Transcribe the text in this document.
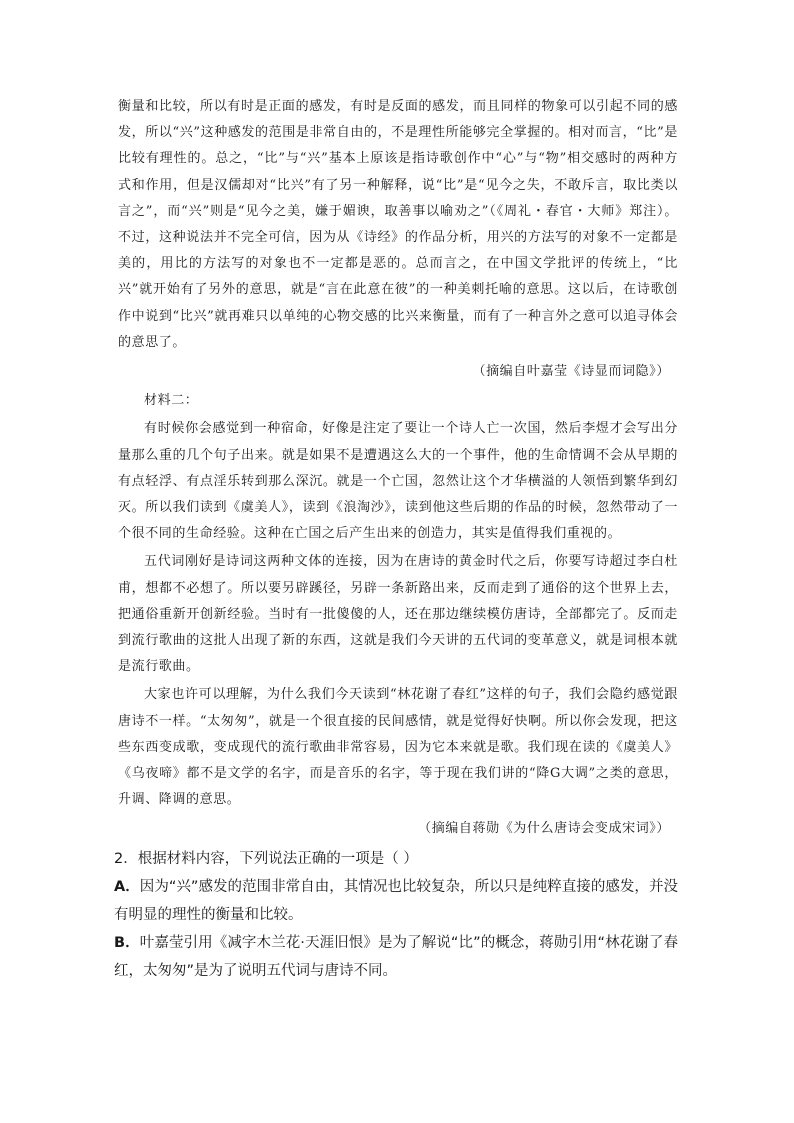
衡量和比较，所以有时是正面的感发，有时是反面的感发，而且同样的物象可以引起不同的感发，所以“兴”这种感发的范围是非常自由的，不是理性所能够完全掌握的。相对而言，“比”是比较有理性的。总之，“比”与“兴”基本上原该是指诗歌创作中“心”与“物”相交感时的两种方式和作用，但是汉儒却对“比兴”有了另一种解释，说“比”是“见今之失，不敢斥言，取比类以言之”，而“兴”则是“见今之美，嫌于媚谀，取善事以喻劝之”（《周礼・春官・大师》郑注）。不过，这种说法并不完全可信，因为从《诗经》的作品分析，用兴的方法写的对象不一定都是美的，用比的方法写的对象也不一定都是恶的。总而言之，在中国文学批评的传统上，“比兴”就开始有了另外的意思，就是“言在此意在彼”的一种美刺托喻的意思。这以后，在诗歌创作中说到“比兴”就再难只以单纯的心物交感的比兴来衡量，而有了一种言外之意可以追寻体会的意思了。

（摘编自叶嘉莹《诗显而词隐》）

材料二：

有时候你会感觉到一种宿命，好像是注定了要让一个诗人亡一次国，然后李煜才会写出分量那么重的几个句子出来。就是如果不是遭遇这么大的一个事件，他的生命情调不会从早期的有点轻浮、有点淫乐转到那么深沉。就是一个亡国，忽然让这个才华横溢的人领悟到繁华到幻灭。所以我们读到《虞美人》，读到《浪淘沙》，读到他这些后期的作品的时候，忽然带动了一个很不同的生命经验。这种在亡国之后产生出来的创造力，其实是值得我们重视的。

五代词刚好是诗词这两种文体的连接，因为在唐诗的黄金时代之后，你要写诗超过李白杜甫，想都不必想了。所以要另辟蹊径，另辟一条新路出来，反而走到了通俗的这个世界上去，把通俗重新开创新经验。当时有一批傻傻的人，还在那边继续模仿唐诗，全部都完了。反而走到流行歌曲的这批人出现了新的东西，这就是我们今天讲的五代词的变革意义，就是词根本就是流行歌曲。

大家也许可以理解，为什么我们今天读到“林花谢了春红”这样的句子，我们会隐约感觉跟唐诗不一样。“太匆匆”，就是一个很直接的民间感情，就是觉得好快啊。所以你会发现，把这些东西变成歌，变成现代的流行歌曲非常容易，因为它本来就是歌。我们现在读的《虞美人》《乌夜啼》都不是文学的名字，而是音乐的名字，等于现在我们讲的“降G大调”之类的意思，升调、降调的意思。

（摘编自蒋勋《为什么唐诗会变成宋词》）

2．根据材料内容，下列说法正确的一项是（ ）

A．因为“兴”感发的范围非常自由，其情况也比较复杂，所以只是纯粹直接的感发，并没有明显的理性的衡量和比较。

B．叶嘉莹引用《减字木兰花·天涯旧恨》是为了解说“比”的概念，蒋勋引用“林花谢了春红，太匆匆”是为了说明五代词与唐诗不同。
